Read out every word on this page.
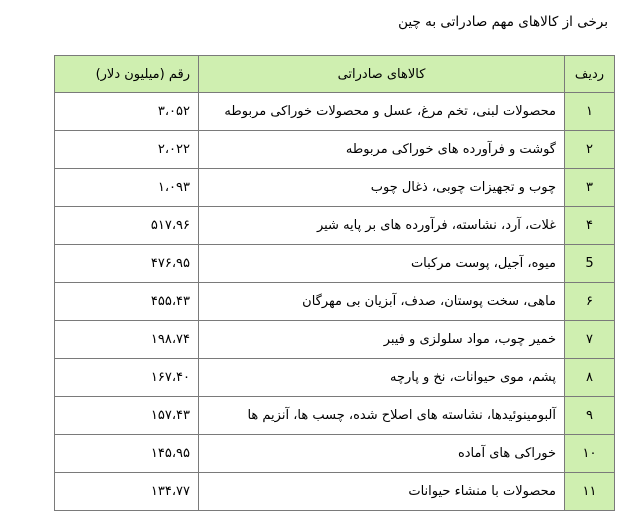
برخی از کالاهای مهم صادراتی به چین
ردیف	کالاهای صادراتی	رقم (میلیون دلار)
۱	محصولات لبنی، تخم مرغ، عسل و محصولات خوراکی مربوطه	۳،۰۵۲
۲	گوشت و فرآورده های خوراکی مربوطه	۲،۰۲۲
۳	چوب و تجهیزات چوبی، ذغال چوب	۱،۰۹۳
۴	غلات، آرد، نشاسته، فرآورده های بر پایه شیر	۵۱۷،۹۶
5	میوه، آجیل، پوست مرکبات	۴۷۶،۹۵
۶	ماهی، سخت پوستان، صدف، آبزیان بی مهرگان	۴۵۵،۴۳
۷	خمیر چوب، مواد سلولزی و فیبر	۱۹۸،۷۴
۸	پشم، موی حیوانات، نخ و پارچه	۱۶۷،۴۰
۹	آلبومینوئیدها، نشاسته های اصلاح شده، چسب ها، آنزیم ها	۱۵۷،۴۳
۱۰	خوراکی های آماده	۱۴۵،۹۵
۱۱	محصولات با منشاء حیوانات	۱۳۴،۷۷
